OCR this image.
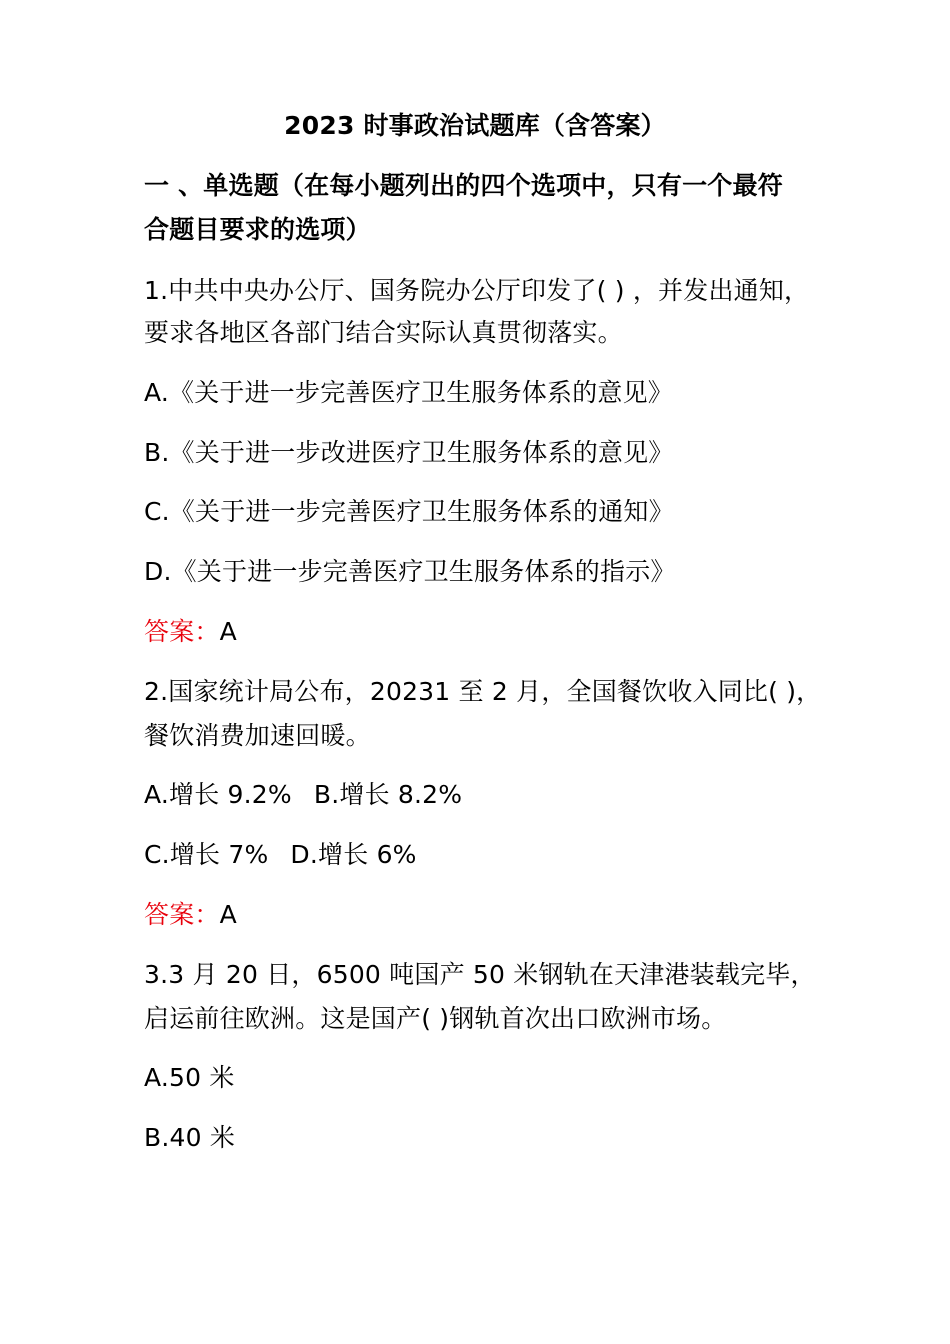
2023 时事政治试题库（含答案）
一 、单选题（在每小题列出的四个选项中，只有一个最符
合题目要求的选项）
1.中共中央办公厅、国务院办公厅印发了( ) ，并发出通知，
要求各地区各部门结合实际认真贯彻落实。
A.《关于进一步完善医疗卫生服务体系的意见》
B.《关于进一步改进医疗卫生服务体系的意见》
C.《关于进一步完善医疗卫生服务体系的通知》
D.《关于进一步完善医疗卫生服务体系的指示》
答案：A
2.国家统计局公布，20231 至 2 月，全国餐饮收入同比( )，
餐饮消费加速回暖。
A.增长 9.2% B.增长 8.2%
C.增长 7% D.增长 6%
答案：A
3.3 月 20 日，6500 吨国产 50 米钢轨在天津港装载完毕，
启运前往欧洲。这是国产( )钢轨首次出口欧洲市场。
A.50 米
B.40 米
